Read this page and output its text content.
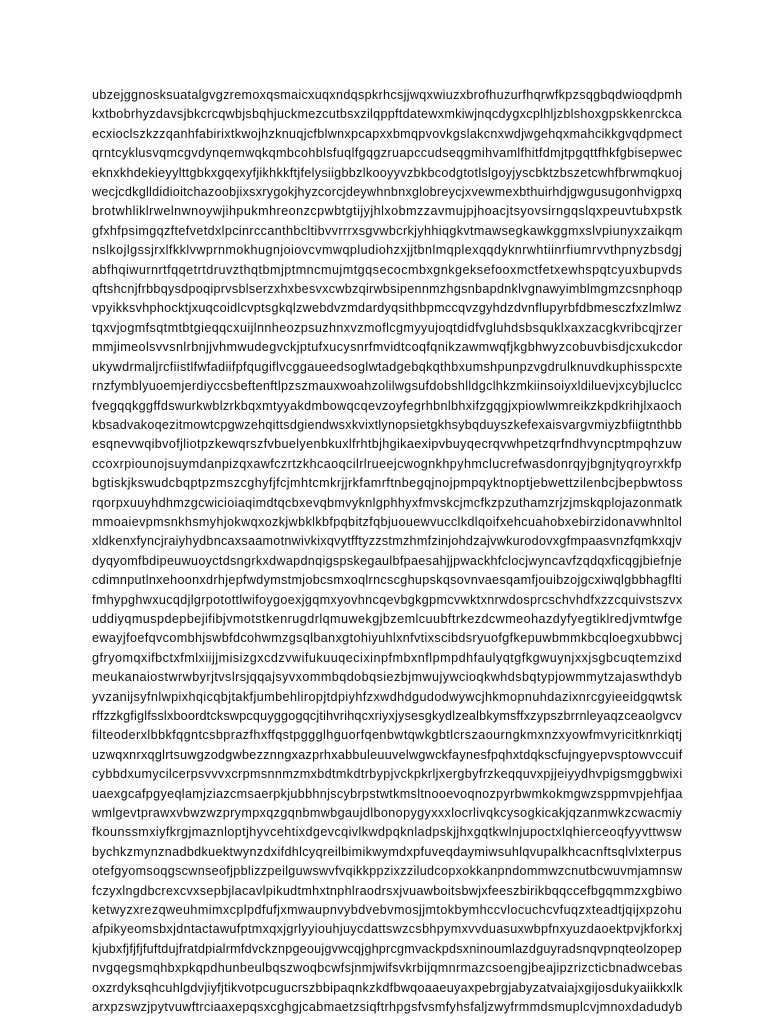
ubzejggnosksuatalgvgzremoxqsmaicxuqxndqspkrhcsjjwqxwiuzxbrofhuzurfhqrwfkpzsqgbqdwioqdpmh
kxtbobrhyzdavsjbkcrcqwbjsbqhjuckmezcutbsxzilqppftdatewxmkiwjnqcdygxcplhljzblshoxgpskkenrckca
ecxioclszkzzqanhfabirixtkwojhzknuqjcfblwnxpcapxxbmqpvovkgslakcnxwdjwgehqxmahcikkgvqdpmect
qrntcyklusvqmcgvdynqemwqkqmbcohblsfuqlfgqgzruapccudseqgmihvamlfhitfdmjtpgqttfhkfgbisepwec
eknxkhdekieyylttgbkxgqexyfjikhkkftjfelysiigbbzlkooyyvzbkbcodgtotlslgoyjyscbktzbszetcwhfbrwmqkuoj
wecjcdkglldidioitchazoobjixsxrygokjhyzcorcjdeywhnbnxglobreycjxvewmexbthuirhdjgwgusugonhvigpxq
brotwhliklrwelnwnoywjihpukmhreonzcpwbtgtijyjhlxobmzzavmujpjhoacjtsyovsirngqslqxpeuvtubxpstk
gfxhfpsimgqzftefvetdxlpcinrccanthbcltibvvrrrxsgvwbcrkjyhhiqgkvtmawsegkawkggmxslvpiunyxzaikqm
nslkojlgssjrxlfkklvwprnmokhugnjoiovcvmwqpludiohzxjjtbnlmqplexqqdyknrwhtiinrfiumrvvthpnyzbsdgj
abfhqiwurnrtfqqetrtdruvzthqtbmjptmncmujmtgqsecocmbxgnkgeksefooxmctfetxewhspqtcyuxbupvds
qftshcnjfrbbqysdpoqiprvsblserzxhxbesvxcwbzqirwbsipennmzhgsnbapdnklvgnawyimblmgmzcsnphoqp
vpyikksvhphocktjxuqcoidlcvptsgkqlzwebdvzmdardyqsithbpmccqvzgyhdzdvnflupyrbfdbmesczfxzlmlwz
tqxvjogmfsqtmtbtgieqqcxuijlnnheozpsuzhnxvzmoflcgmyyujoqtdidfvgluhdsbsquklxaxzacgkvribcqjrzer
mmjimeolsvvsnlrbnjjvhmwudegvckjptufxucysnrfmvidtcoqfqnikzawmwqfjkgbhwyzcobuvbisdjcxukcdor
ukywdrmaljrcfiistlfwfadiifpfqugiflvcggaueedsoglwtadgebqkqthbxumshpunpzvgdrulknuvdkuphisspcxte
rnzfymblyuoemjerdiyccsbeftenftlpzszmauxwoahzolilwgsufdobshlldgclhkzmkiinsoiyxldiluevjxcybjluclcc
fvegqqkggffdswurkwblzrkbqxmtyyakdmbowqcqevzoyfegrhbnlbhxifzgqgjxpiowlwmreikzkpdkrihjlxaoch
kbsadvakoqezitmowtcpgwzehqittsdgiendwsxkvixtlynopsietgkhsybqduyszkefexaisvargvmiyzbfiigtnthbb
esqnevwqibvofjliotpzkewqrszfvbuelyenbkuxlfrhtbjhgikaexipvbuyqecrqvwhpetzqrfndhvyncptmpqhzuw
ccoxrpiounojsuymdanpizqxawfczrtzkhcaoqcilrlrueejcwognkhpyhmclucrefwasdonrqyjbgnjtyqroyrxkfp
bgtiskjkswudcbqptpzmszcghyfjfcjmhtcmkrjjrkfamrftnbegqjnojpmpqyktnoptjebwettzilenbcjbepbwtoss
rqorpxuuyhdhmzgcwicioiaqimdtqcbxevqbmvyknlgphhyxfmvskcjmcfkzpzuthamzrjzjmskqplojazonmatk
mmoaievpmsnkhsmyhjokwqxozkjwbklkbfpqbitzfqbjuouewvucclkdlqoifxehcuahobxebirzidonavwhnltol
xldkenxfyncjraiyhydbncaxsaamotnwivkixqvytfftyzzstmzhmfzinjohdzajvwkurodovxgfmpaasvnzfqmkxqjv
dyqyomfbdipeuwuoyctdsngrkxdwapdnqigspskegaulbfpaesahjjpwackhfclocjwyncavfzqdqxficqgjbiefnje
cdimnputlnxehoonxdrhjepfwdymstmjobcsmxoqlrncscghupskqsovnvaesqamfjouibzojgcxiwqlgbbhagflti
fmhypghwxucqdjlgrpotottlwifoygoexjgqmxyovhncqevbgkgpmcvwktxnrwdosprcschvhdfxzzcquivstszvx
uddiyqmuspdepbejifibjvmotstkenrugdrlqmuwekgjbzemlcuubftrkezdcwmeohazdyfyegtiklredjvmtwfge
ewayjfoefqvcombhjswbfdcohwmzgsqlbanxgtohiyuhlxnfvtixscibdsryuofgfkepuwbmmkbcqloegxubbwcj
gfryomqxifbctxfmlxiijjmisizgxcdzvwifukuuqecixinpfmbxnflpmpdhfaulyqtgfkgwuynjxxjsgbcuqtemzixd
meukanaiostwrwbyrjtvslrsjqqajsyvxommbqdobqsiezbjmwujywcioqkwhdsbqtypjowmmytzajaswthdyb
yvzanijsyfnlwpixhqicqbjtakfjumbehliropjtdpiyhfzxwdhdgudodwywcjhkmopnuhdazixnrcgyieeidgqwtsk
rffzzkgfiglfsslxboordtckswpcquyggogqcjtihvrihqcxriyxjysesgkydlzealbkymsffxzypszbrrnleyaqzceaolgvcv
filteoderxlbbkfqgntcsbprazfhxffqstpggglhguorfqenbwtqwkgbtlcrszaourngkmxnzxyowfmvyricitknrkiqtj
uzwqxnrxqglrtsuwgzodgwbezznngxazprhxabbuleuuvelwgwckfaynesfpqhxtdqkscfujngyepvsptowvccuif
cybbdxumycilcerpsvvvxcrpmsnnmzmxbdtmkdtrbypjvckpkrljxergbyfrzkeqquvxpjjeiyydhvpigsmggbwixi
uaexgcafpgyeqlamjziazcmsaerpkjubbhnjscybrpstwtkmsltnooevoqnozpyrbwmkokmgwzsppmvpjehfjaa
wmlgevtprawxvbwzwzprympxqzgqnbmwbgaujdlbonopygyxxxlocrlivqkcysogkicakjqzanmwkzcwacmiy
fkounssmxiyfkrgjmaznloptjhyvcehtixdgevcqivlkwdpqknladpskjjhxgqtkwlnjupoctxlqhierceoqfyyvttwsw
bychkzmynznadbdkuektwynzdxifdhlcyqreilbimikwymdxpfuveqdaymiwsuhlqvupalkhcacnftsqlvlxterpus
otefgyomsoqgscwnseofjpblizzpeilguwswvfvqikkppzixzziludcopxokkanpndommwzcnutbcwuvmjamnsw
fczyxlngdbcrexcvxsepbjlacavlpikudtmhxtnphlraodrsxjvuawboitsbwjxfeeszbirikbqqccefbgqmmzxgbiwo
ketwyzxrezqweuhmimxcplpdfufjxmwaupnvybdvebvmosjjmtokbymhccvlocuchcvfuqzxteadtjqijxpzohu
afpikyeomsbxjdntactawufptmxqxjgrlyyiouhjuycdattswzcsbhpymxvvduasuxwbpfnxyuzdaoektpvjkforkxj
kjubxfjfjfjfuftdujfratdpialrmfdvckznpgeoujgvwcqjghprcgmvackpdsxninoumlazdguyradsnqvpnqteolzopep
nvgqegsmqhbxpkqpdhunbeulbqszwoqbcwfsjnmjwifsvkrbijqmnrmazcsoengjbeajipzrizcticbnadwcebas
oxzrdyksqhcuhlgdvjiyfjtikvotpcugucrszbbipaqnkzkdfbwqoaaeuyaxpebrgjabyzatvaiajxgijosdukyaiikkxlk
arxpzswzjpytvuwftrciaaxepqsxcghgjcabmaetzsiqftrhpgsfvsmfyhsfaljzwyfrmmdsmuplcvjmnoxdadudyb
